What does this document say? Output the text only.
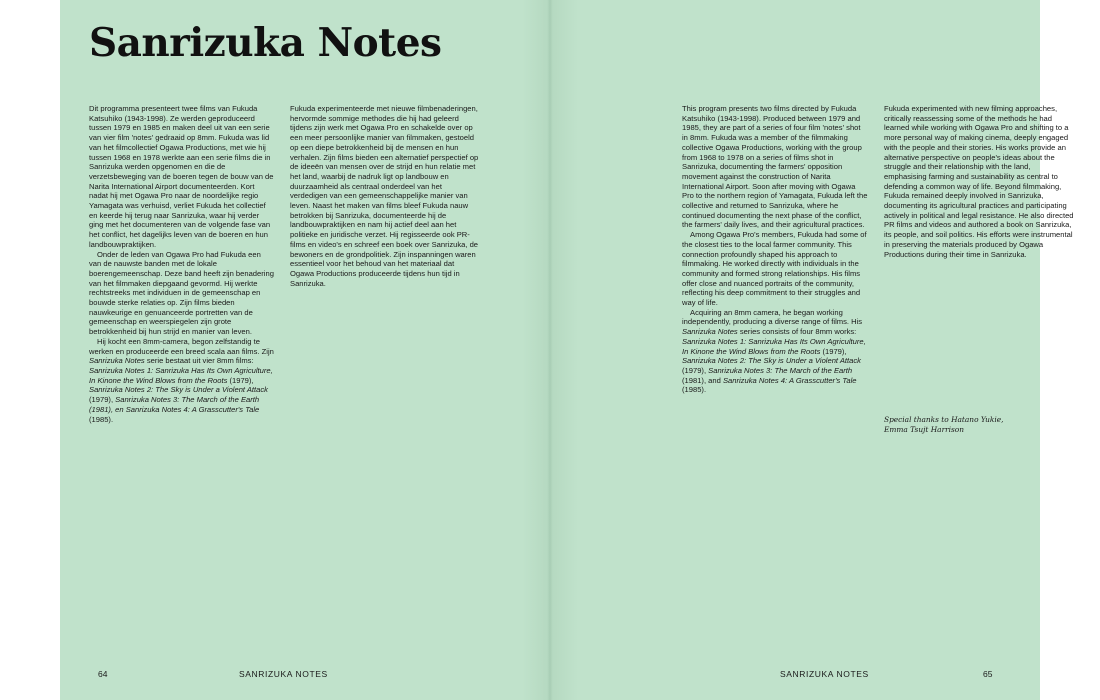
Sanrizuka Notes

Dit programma presenteert twee films van Fukuda Katsuhiko (1943-1998). Ze werden geproduceerd tussen 1979 en 1985 en maken deel uit van een serie van vier film 'notes' gedraaid op 8mm. Fukuda was lid van het filmcollectief Ogawa Productions, met wie hij tussen 1968 en 1978 werkte aan een serie films die in Sanrizuka werden opgenomen en die de verzetsbeweging van de boeren tegen de bouw van de Narita International Airport documenteerden. Kort nadat hij met Ogawa Pro naar de noordelijke regio Yamagata was verhuisd, verliet Fukuda het collectief en keerde hij terug naar Sanrizuka, waar hij verder ging met het documenteren van de volgende fase van het conflict, het dagelijks leven van de boeren en hun landbouwpraktijken.

Onder de leden van Ogawa Pro had Fukuda een van de nauwste banden met de lokale boerengemeenschap. Deze band heeft zijn benadering van het filmmaken diepgaand gevormd. Hij werkte rechtstreeks met individuen in de gemeenschap en bouwde sterke relaties op. Zijn films bieden nauwkeurige en genuanceerde portretten van de gemeenschap en weerspiegelen zijn grote betrokkenheid bij hun strijd en manier van leven.

Hij kocht een 8mm-camera, begon zelfstandig te werken en produceerde een breed scala aan films. Zijn Sanrizuka Notes serie bestaat uit vier 8mm films: Sanrizuka Notes 1: Sanrizuka Has Its Own Agriculture, In Kinone the Wind Blows from the Roots (1979), Sanrizuka Notes 2: The Sky is Under a Violent Attack (1979), Sanrizuka Notes 3: The March of the Earth (1981), en Sanrizuka Notes 4: A Grasscutter's Tale (1985).

Fukuda experimenteerde met nieuwe filmbenaderingen, hervormde sommige methodes die hij had geleerd tijdens zijn werk met Ogawa Pro en schakelde over op een meer persoonlijke manier van filmmaken, gestoeld op een diepe betrokkenheid bij de mensen en hun verhalen. Zijn films bieden een alternatief perspectief op de ideeën van mensen over de strijd en hun relatie met het land, waarbij de nadruk ligt op landbouw en duurzaamheid als centraal onderdeel van het verdedigen van een gemeenschappelijke manier van leven. Naast het maken van films bleef Fukuda nauw betrokken bij Sanrizuka, documenteerde hij de landbouwpraktijken en nam hij actief deel aan het politieke en juridische verzet. Hij regisseerde ook PR-films en video's en schreef een boek over Sanrizuka, de bewoners en de grondpolitiek. Zijn inspanningen waren essentieel voor het behoud van het materiaal dat Ogawa Productions produceerde tijdens hun tijd in Sanrizuka.

64	SANRIZUKA NOTES

This program presents two films directed by Fukuda Katsuhiko (1943-1998). Produced between 1979 and 1985, they are part of a series of four film 'notes' shot in 8mm. Fukuda was a member of the filmmaking collective Ogawa Productions, working with the group from 1968 to 1978 on a series of films shot in Sanrizuka, documenting the farmers' opposition movement against the construction of Narita International Airport. Soon after moving with Ogawa Pro to the northern region of Yamagata, Fukuda left the collective and returned to Sanrizuka, where he continued documenting the next phase of the conflict, the farmers' daily lives, and their agricultural practices.

Among Ogawa Pro's members, Fukuda had some of the closest ties to the local farmer community. This connection profoundly shaped his approach to filmmaking. He worked directly with individuals in the community and formed strong relationships. His films offer close and nuanced portraits of the community, reflecting his deep commitment to their struggles and way of life.

Acquiring an 8mm camera, he began working independently, producing a diverse range of films. His Sanrizuka Notes series consists of four 8mm works: Sanrizuka Notes 1: Sanrizuka Has Its Own Agriculture, In Kinone the Wind Blows from the Roots (1979), Sanrizuka Notes 2: The Sky is Under a Violent Attack (1979), Sanrizuka Notes 3: The March of the Earth (1981), and Sanrizuka Notes 4: A Grasscutter's Tale (1985).

Fukuda experimented with new filming approaches, critically reassessing some of the methods he had learned while working with Ogawa Pro and shifting to a more personal way of making cinema, deeply engaged with the people and their stories. His works provide an alternative perspective on people's ideas about the struggle and their relationship with the land, emphasising farming and sustainability as central to defending a common way of life. Beyond filmmaking, Fukuda remained deeply involved in Sanrizuka, documenting its agricultural practices and participating actively in political and legal resistance. He also directed PR films and videos and authored a book on Sanrizuka, its people, and soil politics. His efforts were instrumental in preserving the materials produced by Ogawa Productions during their time in Sanrizuka.

Special thanks to Hatano Yukie,
Emma Tsujt Harrison
SANRIZUKA NOTES	65
